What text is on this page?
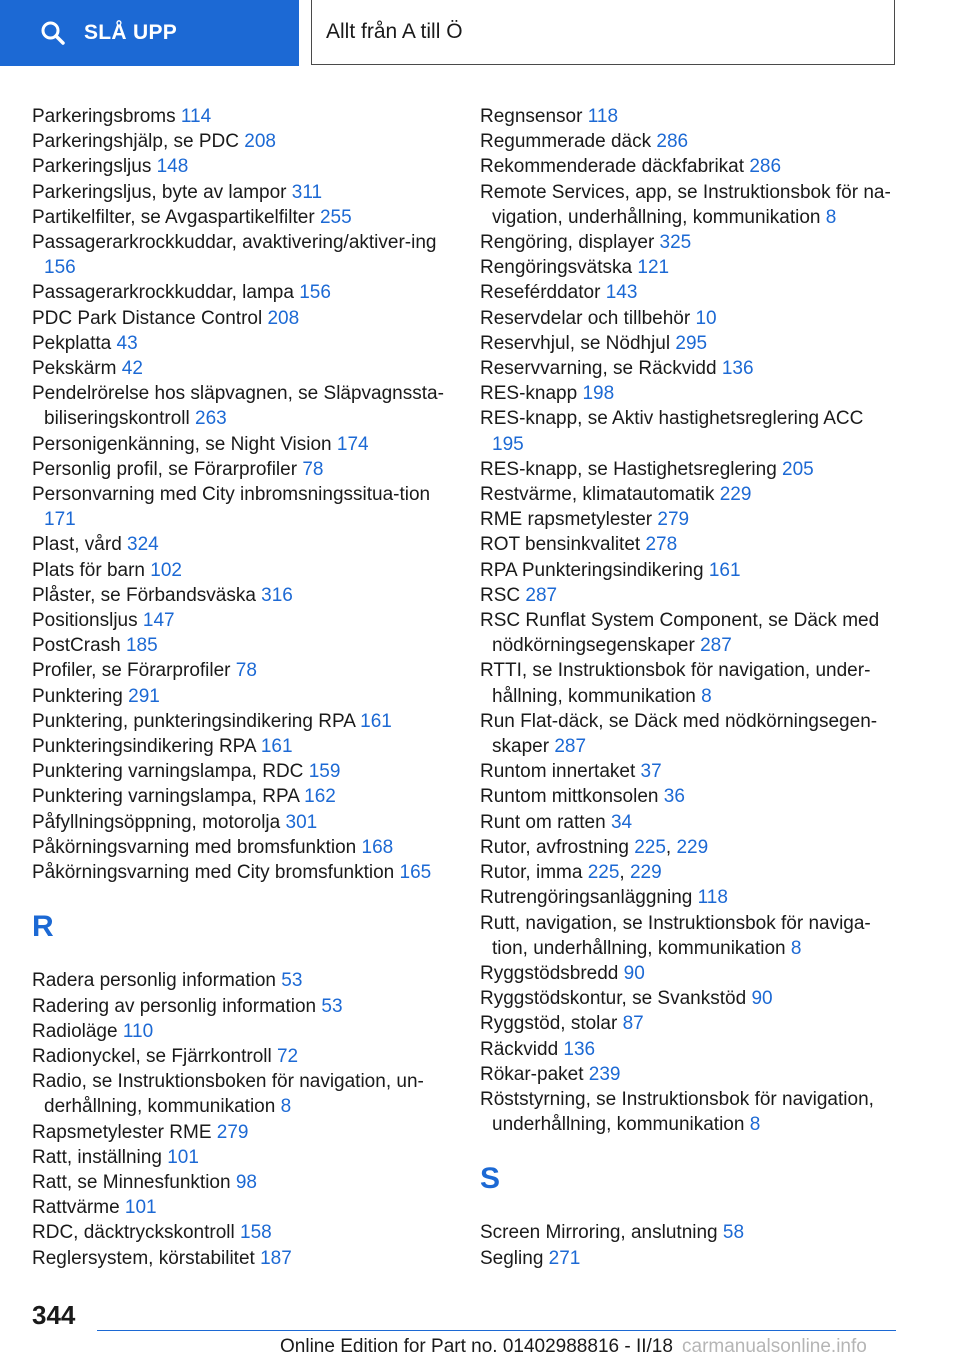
SLÅ UPP	Allt från A till Ö
Parkeringsbroms 114
Parkeringshjälp, se PDC 208
Parkeringsljus 148
Parkeringsljus, byte av lampor 311
Partikelfilter, se Avgaspartikelfilter 255
Passagerarkrockkuddar, avaktivering/aktiver-ing 156
Passagerarkrockkuddar, lampa 156
PDC Park Distance Control 208
Pekplatta 43
Pekskärm 42
Pendelrörelse hos släpvagnen, se Släpvagnssta-biliseringskontroll 263
Personigenkänning, se Night Vision 174
Personlig profil, se Förarprofiler 78
Personvarning med City inbromsningssitua-tion 171
Plast, vård 324
Plats för barn 102
Plåster, se Förbandsväska 316
Positionsljus 147
PostCrash 185
Profiler, se Förarprofiler 78
Punktering 291
Punktering, punkteringsindikering RPA 161
Punkteringsindikering RPA 161
Punktering varningslampa, RDC 159
Punktering varningslampa, RPA 162
Påfyllningsöppning, motorolja 301
Påkörningsvarning med bromsfunktion 168
Påkörningsvarning med City bromsfunktion 165
R
Radera personlig information 53
Radering av personlig information 53
Radioläge 110
Radionyckel, se Fjärrkontroll 72
Radio, se Instruktionsboken för navigation, un-derhållning, kommunikation 8
Rapsmetylester RME 279
Ratt, inställning 101
Ratt, se Minnesfunktion 98
Rattvärme 101
RDC, däcktryckskontroll 158
Reglersystem, körstabilitet 187
Regnsensor 118
Regummerade däck 286
Rekommenderade däckfabrikat 286
Remote Services, app, se Instruktionsbok för na-vigation, underhållning, kommunikation 8
Rengöring, displayer 325
Rengöringsvätska 121
Reseférddator 143
Reservdelar och tillbehör 10
Reservhjul, se Nödhjul 295
Reservvarning, se Räckvidd 136
RES-knapp 198
RES-knapp, se Aktiv hastighetsreglering ACC 195
RES-knapp, se Hastighetsreglering 205
Restvärme, klimatautomatik 229
RME rapsmetylester 279
ROT bensinkvalitet 278
RPA Punkteringsindikering 161
RSC 287
RSC Runflat System Component, se Däck med nödkörningsegenskaper 287
RTTI, se Instruktionsbok för navigation, under-hållning, kommunikation 8
Run Flat-däck, se Däck med nödkörningsegen-skaper 287
Runtom innertaket 37
Runtom mittkonsolen 36
Runt om ratten 34
Rutor, avfrostning 225, 229
Rutor, imma 225, 229
Rutrengöringsanläggning 118
Rutt, navigation, se Instruktionsbok för naviga-tion, underhållning, kommunikation 8
Ryggstödsbredd 90
Ryggstödskontur, se Svankstöd 90
Ryggstöd, stolar 87
Räckvidd 136
Rökar-paket 239
Röststyrning, se Instruktionsbok för navigation, underhållning, kommunikation 8
S
Screen Mirroring, anslutning 58
Segling 271
344
Online Edition for Part no. 01402988816 - II/18 carmanualsonline.info
